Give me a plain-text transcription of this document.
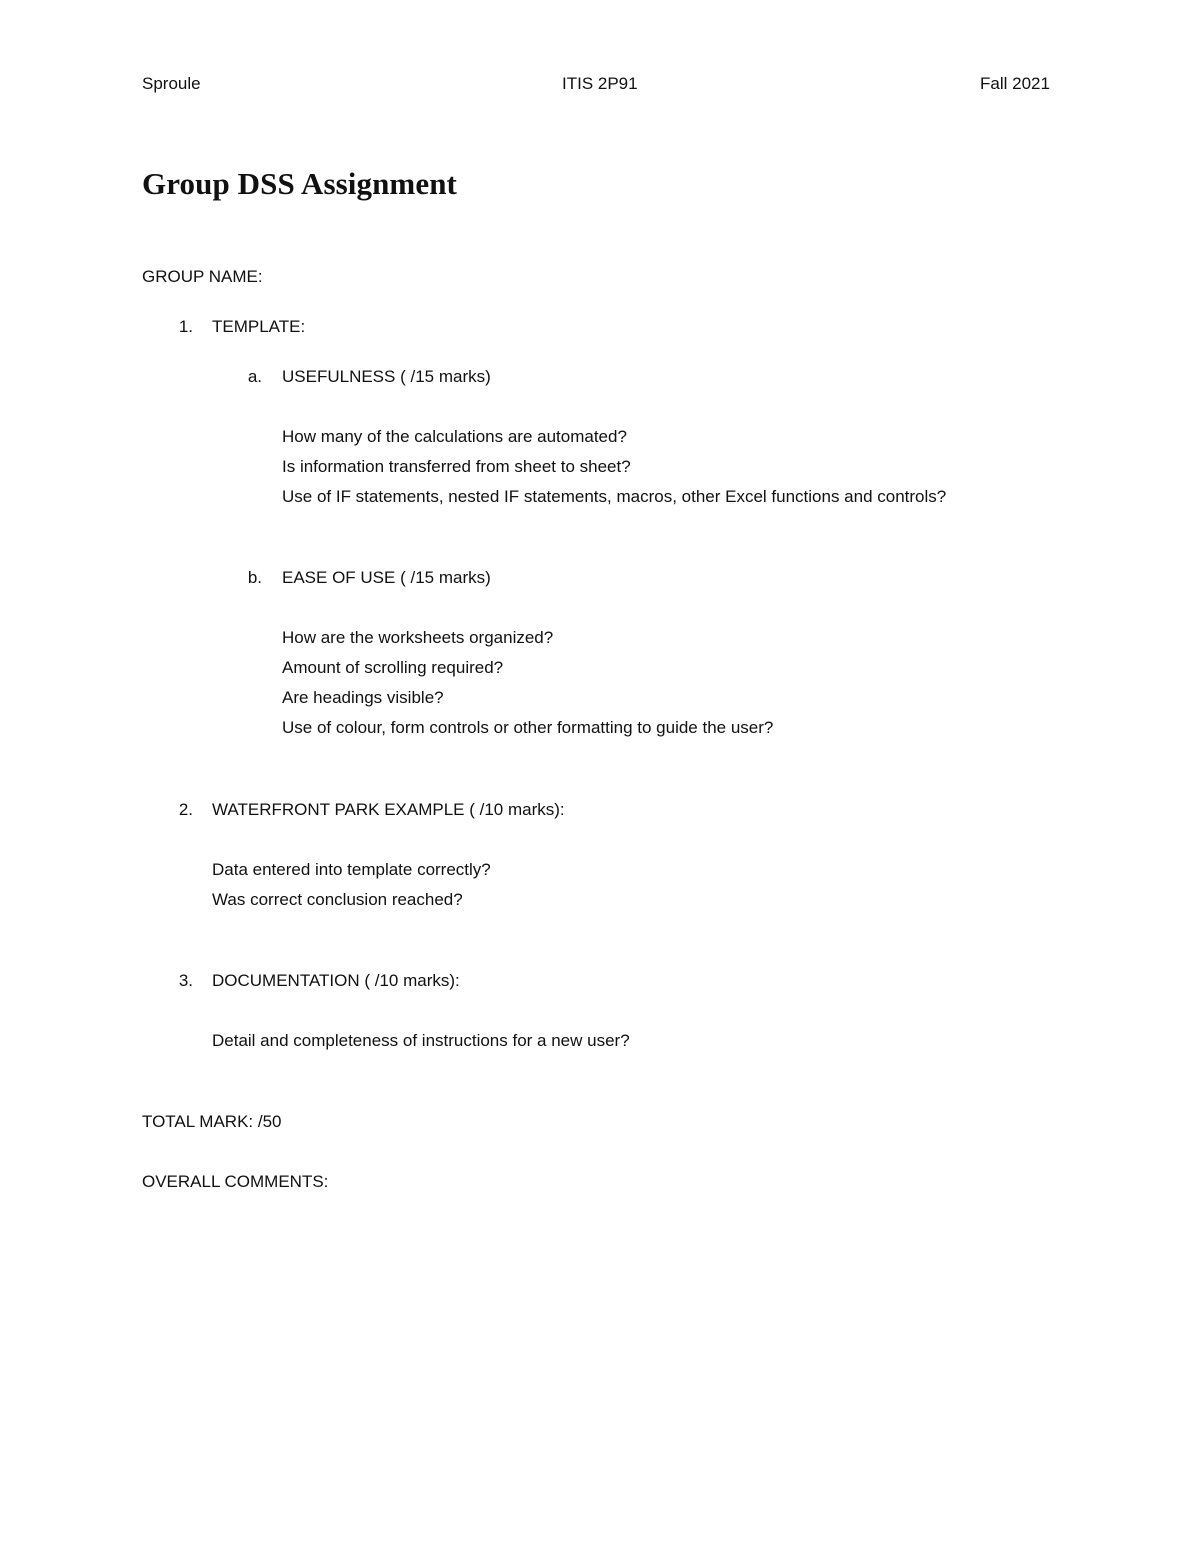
Sproule	ITIS 2P91	Fall 2021
Group DSS Assignment
GROUP NAME:
1. TEMPLATE:
a. USEFULNESS ( /15 marks)
How many of the calculations are automated?
Is information transferred from sheet to sheet?
Use of IF statements, nested IF statements, macros, other Excel functions and controls?
b. EASE OF USE ( /15 marks)
How are the worksheets organized?
Amount of scrolling required?
Are headings visible?
Use of colour, form controls or other formatting to guide the user?
2. WATERFRONT PARK EXAMPLE ( /10 marks):
Data entered into template correctly?
Was correct conclusion reached?
3. DOCUMENTATION ( /10 marks):
Detail and completeness of instructions for a new user?
TOTAL MARK: /50
OVERALL COMMENTS:
